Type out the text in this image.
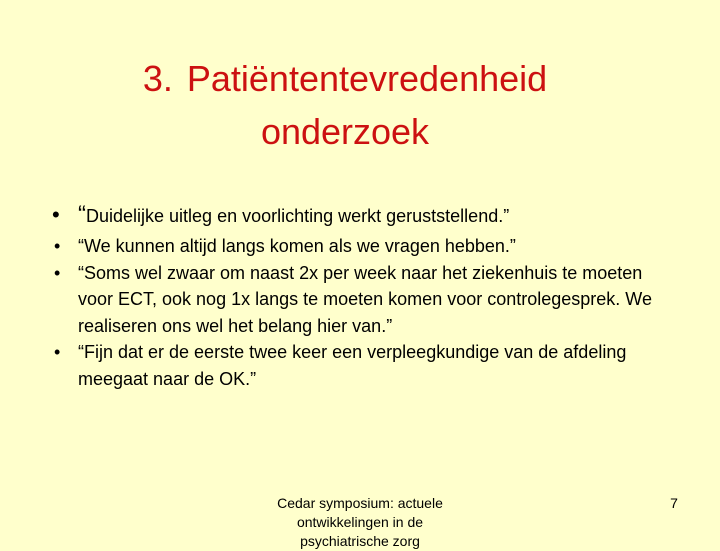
3. Patiëntentevredenheid
onderzoek
• “Duidelijke uitleg en voorlichting werkt geruststellend.”
• “We kunnen altijd langs komen als we vragen hebben.”
• “Soms wel zwaar om naast 2x per week naar het ziekenhuis te moeten voor ECT, ook nog 1x langs te moeten komen voor controlegesprek. We realiseren ons wel het belang hier van.”
• “Fijn dat er de eerste twee keer een verpleegkundige van de afdeling meegaat naar de OK.”
Cedar symposium: actuele ontwikkelingen in de psychiatrische zorg
7
